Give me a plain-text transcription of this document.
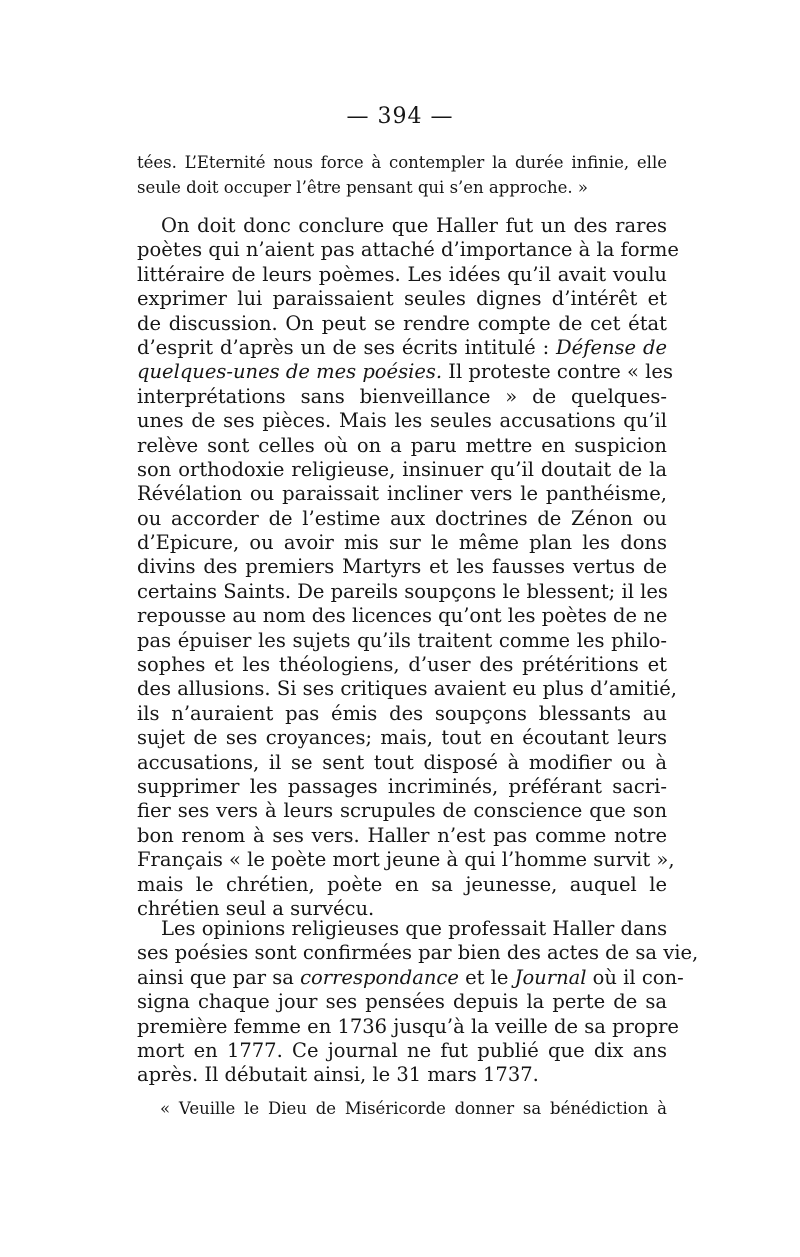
— 394 —
tées. L’Eternité nous force à contempler la durée infinie, elle
seule doit occuper l’être pensant qui s’en approche. »
On doit donc conclure que Haller fut un des rares
poètes qui n’aient pas attaché d’importance à la forme
littéraire de leurs poèmes. Les idées qu’il avait voulu
exprimer lui paraissaient seules dignes d’intérêt et
de discussion. On peut se rendre compte de cet état
d’esprit d’après un de ses écrits intitulé : Défense de
quelques-unes de mes poésies. Il proteste contre « les
interprétations sans bienveillance » de quelques-
unes de ses pièces. Mais les seules accusations qu’il
relève sont celles où on a paru mettre en suspicion
son orthodoxie religieuse, insinuer qu’il doutait de la
Révélation ou paraissait incliner vers le panthéisme,
ou accorder de l’estime aux doctrines de Zénon ou
d’Epicure, ou avoir mis sur le même plan les dons
divins des premiers Martyrs et les fausses vertus de
certains Saints. De pareils soupçons le blessent; il les
repousse au nom des licences qu’ont les poètes de ne
pas épuiser les sujets qu’ils traitent comme les philo-
sophes et les théologiens, d’user des prétéritions et
des allusions. Si ses critiques avaient eu plus d’amitié,
ils n’auraient pas émis des soupçons blessants au
sujet de ses croyances; mais, tout en écoutant leurs
accusations, il se sent tout disposé à modifier ou à
supprimer les passages incriminés, préférant sacri-
fier ses vers à leurs scrupules de conscience que son
bon renom à ses vers. Haller n’est pas comme notre
Français « le poète mort jeune à qui l’homme survit »,
mais le chrétien, poète en sa jeunesse, auquel le
chrétien seul a survécu.
Les opinions religieuses que professait Haller dans
ses poésies sont confirmées par bien des actes de sa vie,
ainsi que par sa correspondance et le Journal où il con-
signa chaque jour ses pensées depuis la perte de sa
première femme en 1736 jusqu’à la veille de sa propre
mort en 1777. Ce journal ne fut publié que dix ans
après. Il débutait ainsi, le 31 mars 1737.
« Veuille le Dieu de Miséricorde donner sa bénédiction à
